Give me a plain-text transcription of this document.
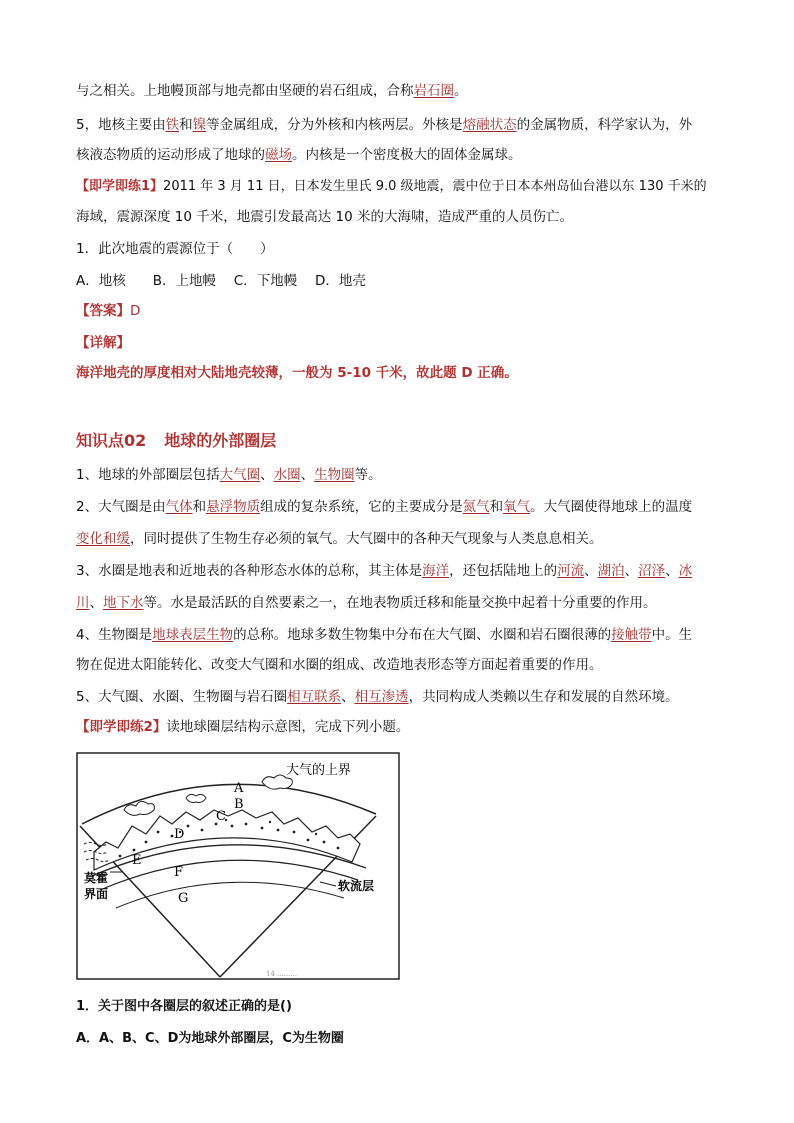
与之相关。上地幔顶部与地壳都由坚硬的岩石组成，合称岩石圈。

5，地核主要由铁和镍等金属组成，分为外核和内核两层。外核是熔融状态的金属物质，科学家认为，外

核液态物质的运动形成了地球的磁场。内核是一个密度极大的固体金属球。

【即学即练1】2011 年 3 月 11 日，日本发生里氏 9.0 级地震，震中位于日本本州岛仙台港以东 130 千米的

海域，震源深度 10 千米，地震引发最高达 10 米的大海啸，造成严重的人员伤亡。

1．此次地震的震源位于（　　）

A．地核　　B．上地幔　 C．下地幔　 D．地壳

【答案】D

【详解】

海洋地壳的厚度相对大陆地壳较薄，一般为 5-10 千米，故此题 D 正确。

知识点02 地球的外部圈层

1、地球的外部圈层包括大气圈、水圈、生物圈等。

2、大气圈是由气体和悬浮物质组成的复杂系统，它的主要成分是氮气和氧气。大气圈使得地球上的温度

变化和缓，同时提供了生物生存必须的氧气。大气圈中的各种天气现象与人类息息相关。

3、水圈是地表和近地表的各种形态水体的总称，其主体是海洋，还包括陆地上的河流、湖泊、沼泽、冰

川、地下水等。水是最活跃的自然要素之一，在地表物质迁移和能量交换中起着十分重要的作用。

4、生物圈是地球表层生物的总称。地球多数生物集中分布在大气圈、水圈和岩石圈很薄的接触带中。生

物在促进太阳能转化、改变大气圈和水圈的组成、改造地表形态等方面起着重要的作用。

5、大气圈、水圈、生物圈与岩石圈相互联系、相互渗透，共同构成人类赖以生存和发展的自然环境。

【即学即练2】读地球圈层结构示意图，完成下列小题。

大气的上界
A
B
C
D
E
F
G
莫霍
界面
软流层
14 .........

1．关于图中各圈层的叙述正确的是()

A．A、B、C、D为地球外部圈层，C为生物圈
